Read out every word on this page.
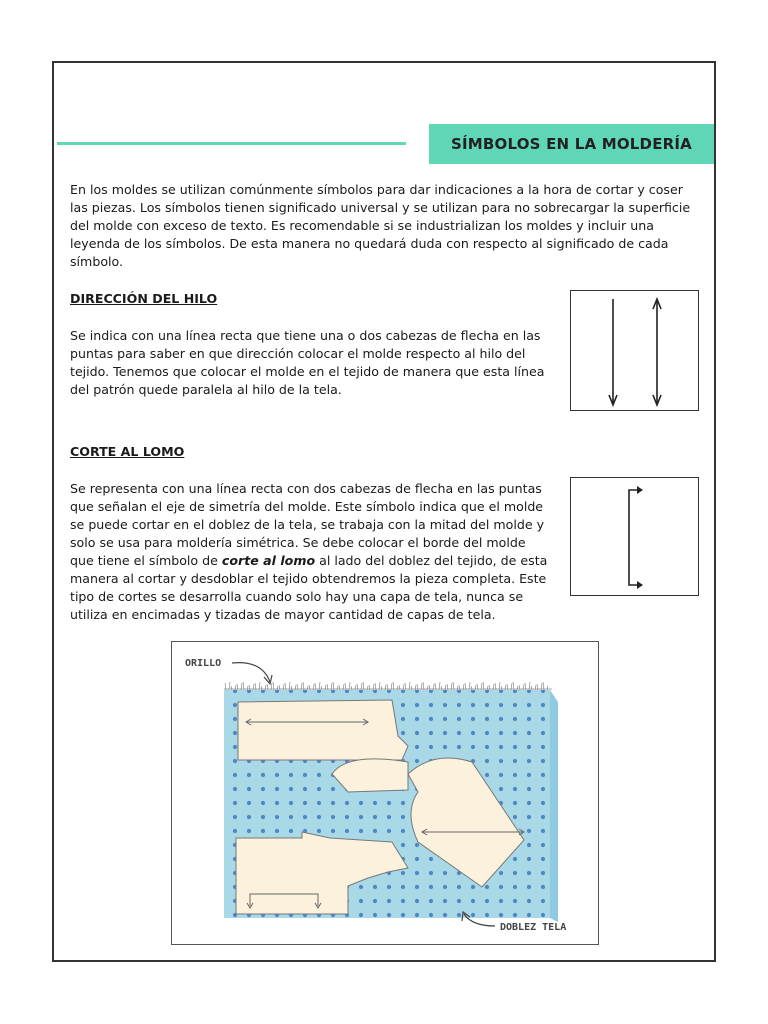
SÍMBOLOS EN LA MOLDERÍA
En los moldes se utilizan comúnmente símbolos para dar indicaciones a la hora de cortar y coser las piezas. Los símbolos tienen significado universal y se utilizan para no sobrecargar la superficie del molde con exceso de texto. Es recomendable si se industrializan los moldes y incluir una leyenda de los símbolos. De esta manera no quedará duda con respecto al significado de cada símbolo.
DIRECCIÓN DEL HILO
Se indica con una línea recta que tiene una o dos cabezas de flecha en las puntas para saber en que dirección colocar el molde respecto al hilo del tejido. Tenemos que colocar el molde en el tejido de manera que esta línea del patrón quede paralela al hilo de la tela.
CORTE AL LOMO
Se representa con una línea recta con dos cabezas de flecha en las puntas que señalan el eje de simetría del molde. Este símbolo indica que el molde se puede cortar en el doblez de la tela, se trabaja con la mitad del molde y solo se usa para moldería simétrica. Se debe colocar el borde del molde que tiene el símbolo de corte al lomo al lado del doblez del tejido, de esta manera al cortar y desdoblar el tejido obtendremos la pieza completa. Este tipo de cortes se desarrolla cuando solo hay una capa de tela, nunca se utiliza en encimadas y tizadas de mayor cantidad de capas de tela.
ORILLO
DOBLEZ TELA
